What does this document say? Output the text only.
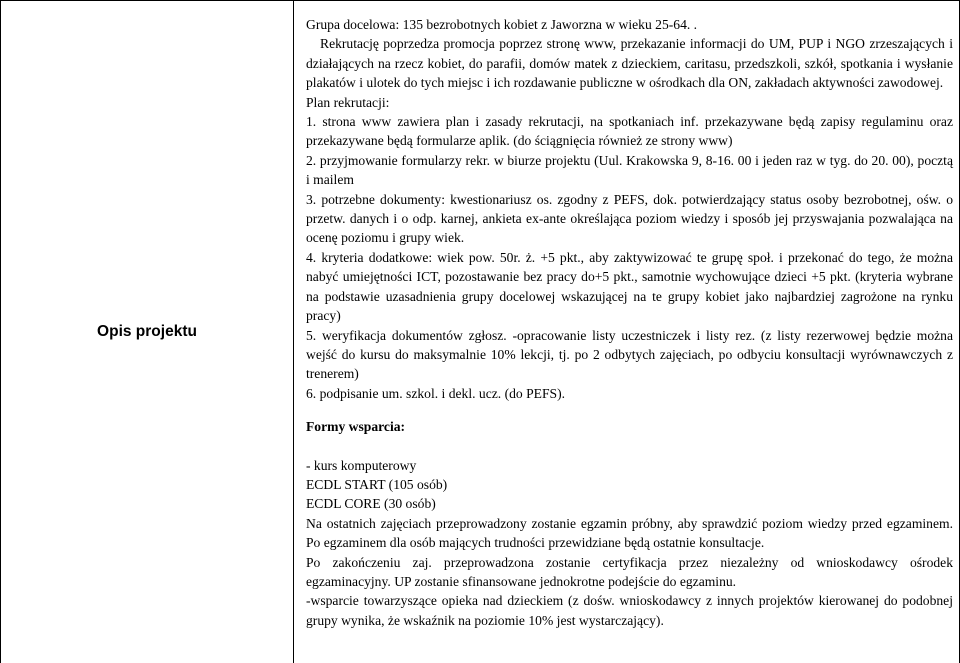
Opis projektu

Grupa docelowa: 135 bezrobotnych kobiet z Jaworzna w wieku 25-64. .

Rekrutację poprzedza promocja poprzez stronę www, przekazanie informacji do UM, PUP i NGO zrzeszających i działających na rzecz kobiet, do parafii, domów matek z dzieckiem, caritasu, przedszkoli, szkół, spotkania i wysłanie plakatów i ulotek do tych miejsc i ich rozdawanie publiczne w ośrodkach dla ON, zakładach aktywności zawodowej.

Plan rekrutacji:

1. strona www zawiera plan i zasady rekrutacji, na spotkaniach inf. przekazywane będą zapisy regulaminu oraz przekazywane będą formularze aplik. (do ściągnięcia również ze strony www)

2. przyjmowanie formularzy rekr. w biurze projektu (Uul. Krakowska 9, 8-16. 00 i jeden raz w tyg. do 20. 00), pocztą i mailem

3. potrzebne dokumenty: kwestionariusz os. zgodny z PEFS, dok. potwierdzający status osoby bezrobotnej, ośw. o przetw. danych i o odp. karnej, ankieta ex-ante określająca poziom wiedzy i sposób jej przyswajania pozwalająca na ocenę poziomu i grupy wiek.

4. kryteria dodatkowe: wiek pow. 50r. ż. +5 pkt., aby zaktywizować te grupę społ. i przekonać do tego, że można nabyć umiejętności ICT, pozostawanie bez pracy do+5 pkt., samotnie wychowujące dzieci +5 pkt. (kryteria wybrane na podstawie uzasadnienia grupy docelowej wskazującej na te grupy kobiet jako najbardziej zagrożone na rynku pracy)

5. weryfikacja dokumentów zgłosz. -opracowanie listy uczestniczek i listy rez. (z listy rezerwowej będzie można wejść do kursu do maksymalnie 10% lekcji, tj. po 2 odbytych zajęciach, po odbyciu konsultacji wyrównawczych z trenerem)

6. podpisanie um. szkol. i dekl. ucz. (do PEFS).

Formy wsparcia:

- kurs komputerowy

ECDL START (105 osób)

ECDL CORE (30 osób)

Na ostatnich zajęciach przeprowadzony zostanie egzamin próbny, aby sprawdzić poziom wiedzy przed egzaminem. Po egzaminem dla osób mających trudności przewidziane będą ostatnie konsultacje.

Po zakończeniu zaj. przeprowadzona zostanie certyfikacja przez niezależny od wnioskodawcy ośrodek egzaminacyjny. UP zostanie sfinansowane jednokrotne podejście do egzaminu.

-wsparcie towarzyszące opieka nad dzieckiem (z dośw. wnioskodawcy z innych projektów kierowanej do podobnej grupy wynika, że wskaźnik na poziomie 10% jest wystarczający).
